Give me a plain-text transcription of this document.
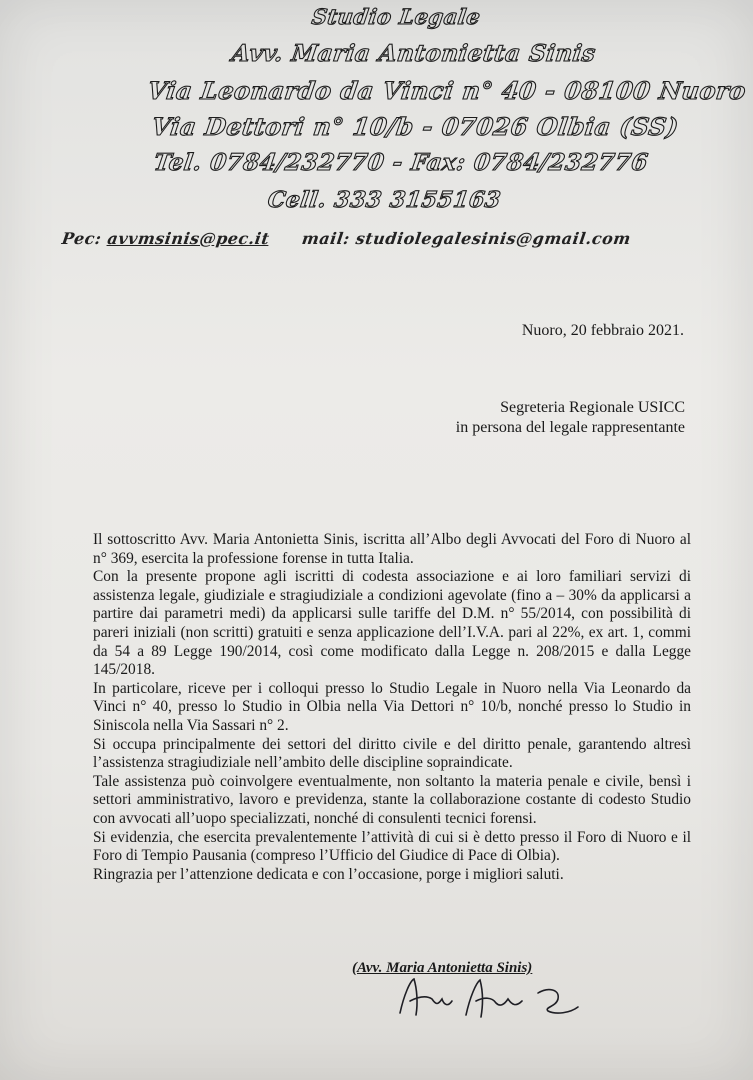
Studio Legale
Avv. Maria Antonietta Sinis
Via Leonardo da Vinci n° 40 - 08100 Nuoro
Via Dettori n° 10/b - 07026 Olbia (SS)
Tel. 0784/232770 - Fax: 0784/232776
Cell. 333 3155163
Pec: avvmsinis@pec.it mail: studiolegalesinis@gmail.com
Nuoro, 20 febbraio 2021.
Segreteria Regionale USICC
in persona del legale rappresentante

Il sottoscritto Avv. Maria Antonietta Sinis, iscritta all’Albo degli Avvocati del Foro di Nuoro al n° 369, esercita la professione forense in tutta Italia.

Con la presente propone agli iscritti di codesta associazione e ai loro familiari servizi di assistenza legale, giudiziale e stragiudiziale a condizioni agevolate (fino a – 30% da applicarsi a partire dai parametri medi) da applicarsi sulle tariffe del D.M. n° 55/2014, con possibilità di pareri iniziali (non scritti) gratuiti e senza applicazione dell’I.V.A. pari al 22%, ex art. 1, commi da 54 a 89 Legge 190/2014, così come modificato dalla Legge n. 208/2015 e dalla Legge 145/2018.

In particolare, riceve per i colloqui presso lo Studio Legale in Nuoro nella Via Leonardo da Vinci n° 40, presso lo Studio in Olbia nella Via Dettori n° 10/b, nonché presso lo Studio in Siniscola nella Via Sassari n° 2.

Si occupa principalmente dei settori del diritto civile e del diritto penale, garantendo altresì l’assistenza stragiudiziale nell’ambito delle discipline sopraindicate.

Tale assistenza può coinvolgere eventualmente, non soltanto la materia penale e civile, bensì i settori amministrativo, lavoro e previdenza, stante la collaborazione costante di codesto Studio con avvocati all’uopo specializzati, nonché di consulenti tecnici forensi.

Si evidenzia, che esercita prevalentemente l’attività di cui si è detto presso il Foro di Nuoro e il Foro di Tempio Pausania (compreso l’Ufficio del Giudice di Pace di Olbia).

Ringrazia per l’attenzione dedicata e con l’occasione, porge i migliori saluti.

(Avv. Maria Antonietta Sinis)
